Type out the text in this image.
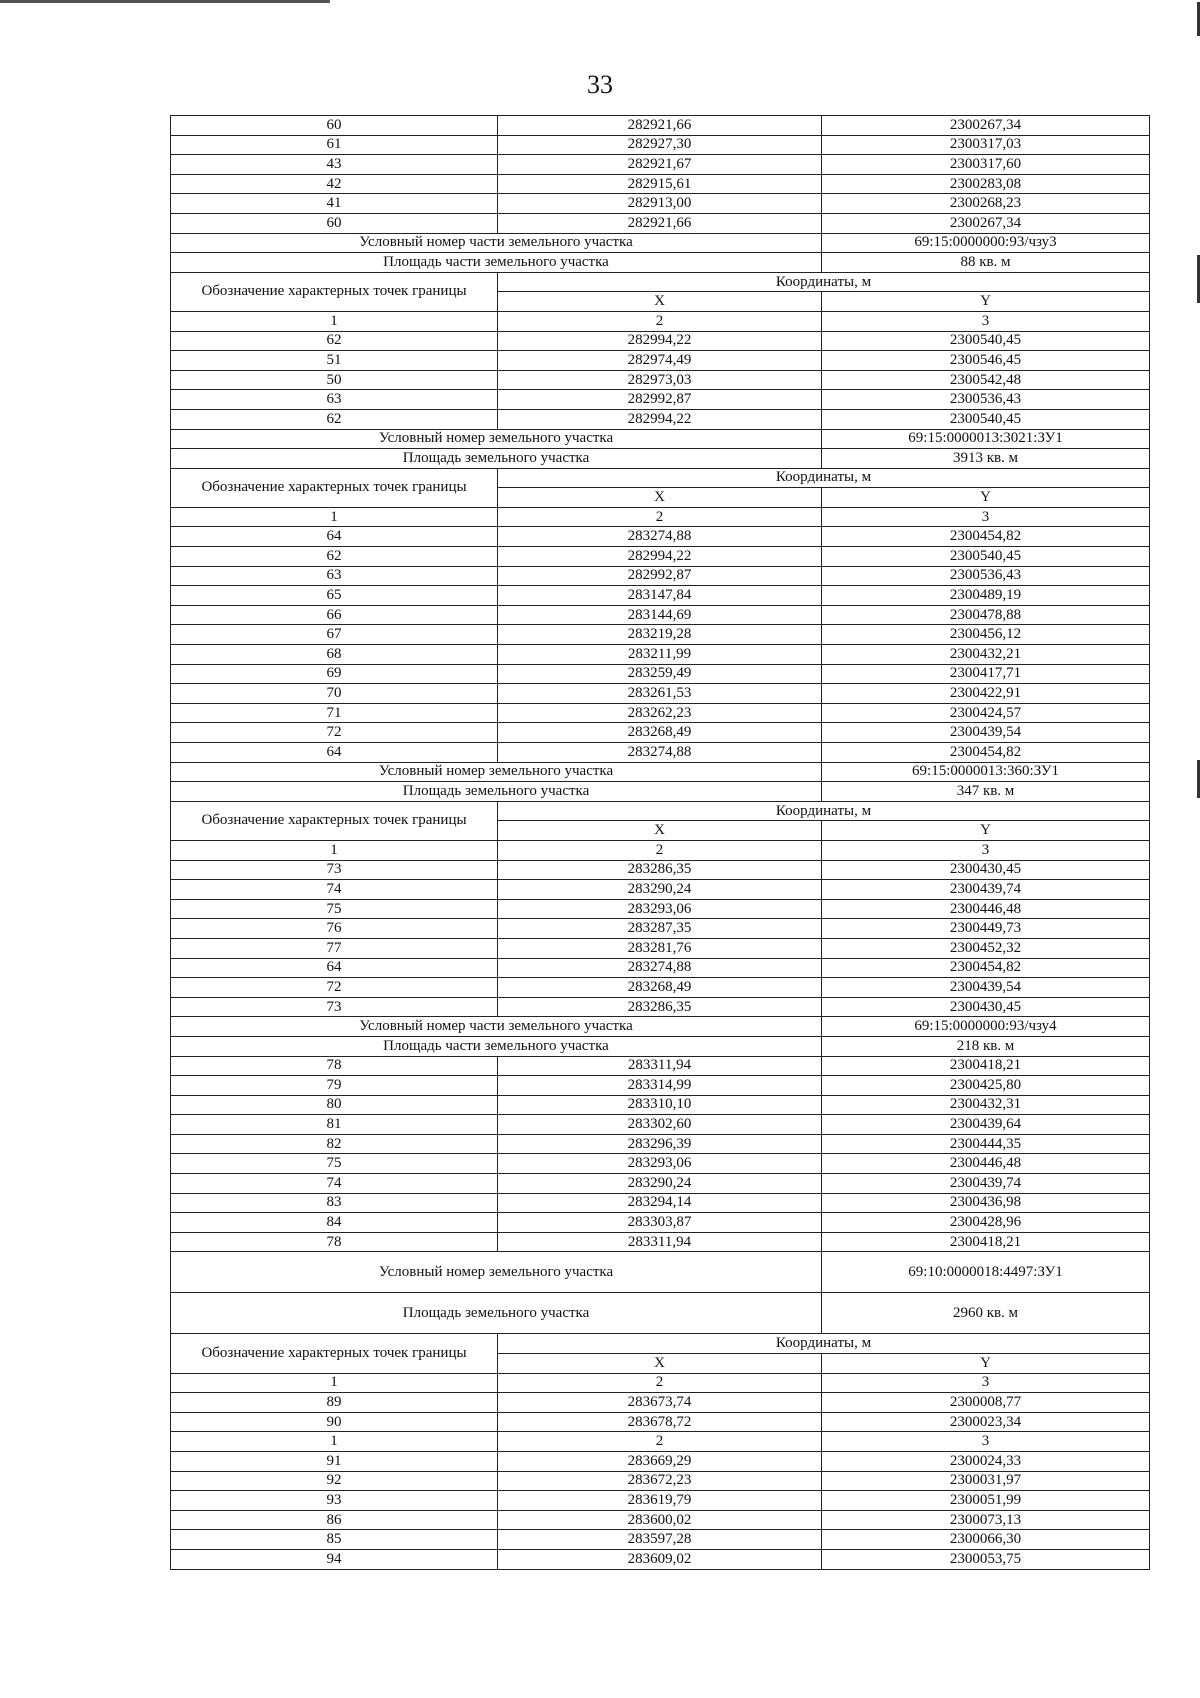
33
60	282921,66	2300267,34
61	282927,30	2300317,03
43	282921,67	2300317,60
42	282915,61	2300283,08
41	282913,00	2300268,23
60	282921,66	2300267,34
Условный номер части земельного участка		69:15:0000000:93/чзу3
Площадь части земельного участка		88 кв. м
Обозначение характерных точек границы	Координаты, м	
	X	Y
1	2	3
62	282994,22	2300540,45
51	282974,49	2300546,45
50	282973,03	2300542,48
63	282992,87	2300536,43
62	282994,22	2300540,45
Условный номер земельного участка		69:15:0000013:3021:ЗУ1
Площадь земельного участка		3913 кв. м
Обозначение характерных точек границы	Координаты, м	
	X	Y
1	2	3
64	283274,88	2300454,82
62	282994,22	2300540,45
63	282992,87	2300536,43
65	283147,84	2300489,19
66	283144,69	2300478,88
67	283219,28	2300456,12
68	283211,99	2300432,21
69	283259,49	2300417,71
70	283261,53	2300422,91
71	283262,23	2300424,57
72	283268,49	2300439,54
64	283274,88	2300454,82
Условный номер земельного участка		69:15:0000013:360:ЗУ1
Площадь земельного участка		347 кв. м
Обозначение характерных точек границы	Координаты, м	
	X	Y
1	2	3
73	283286,35	2300430,45
74	283290,24	2300439,74
75	283293,06	2300446,48
76	283287,35	2300449,73
77	283281,76	2300452,32
64	283274,88	2300454,82
72	283268,49	2300439,54
73	283286,35	2300430,45
Условный номер части земельного участка		69:15:0000000:93/чзу4
Площадь части земельного участка		218 кв. м
78	283311,94	2300418,21
79	283314,99	2300425,80
80	283310,10	2300432,31
81	283302,60	2300439,64
82	283296,39	2300444,35
75	283293,06	2300446,48
74	283290,24	2300439,74
83	283294,14	2300436,98
84	283303,87	2300428,96
78	283311,94	2300418,21
Условный номер земельного участка		69:10:0000018:4497:ЗУ1
Площадь земельного участка		2960 кв. м
Обозначение характерных точек границы	Координаты, м	
	X	Y
1	2	3
89	283673,74	2300008,77
90	283678,72	2300023,34
1	2	3
91	283669,29	2300024,33
92	283672,23	2300031,97
93	283619,79	2300051,99
86	283600,02	2300073,13
85	283597,28	2300066,30
94	283609,02	2300053,75
